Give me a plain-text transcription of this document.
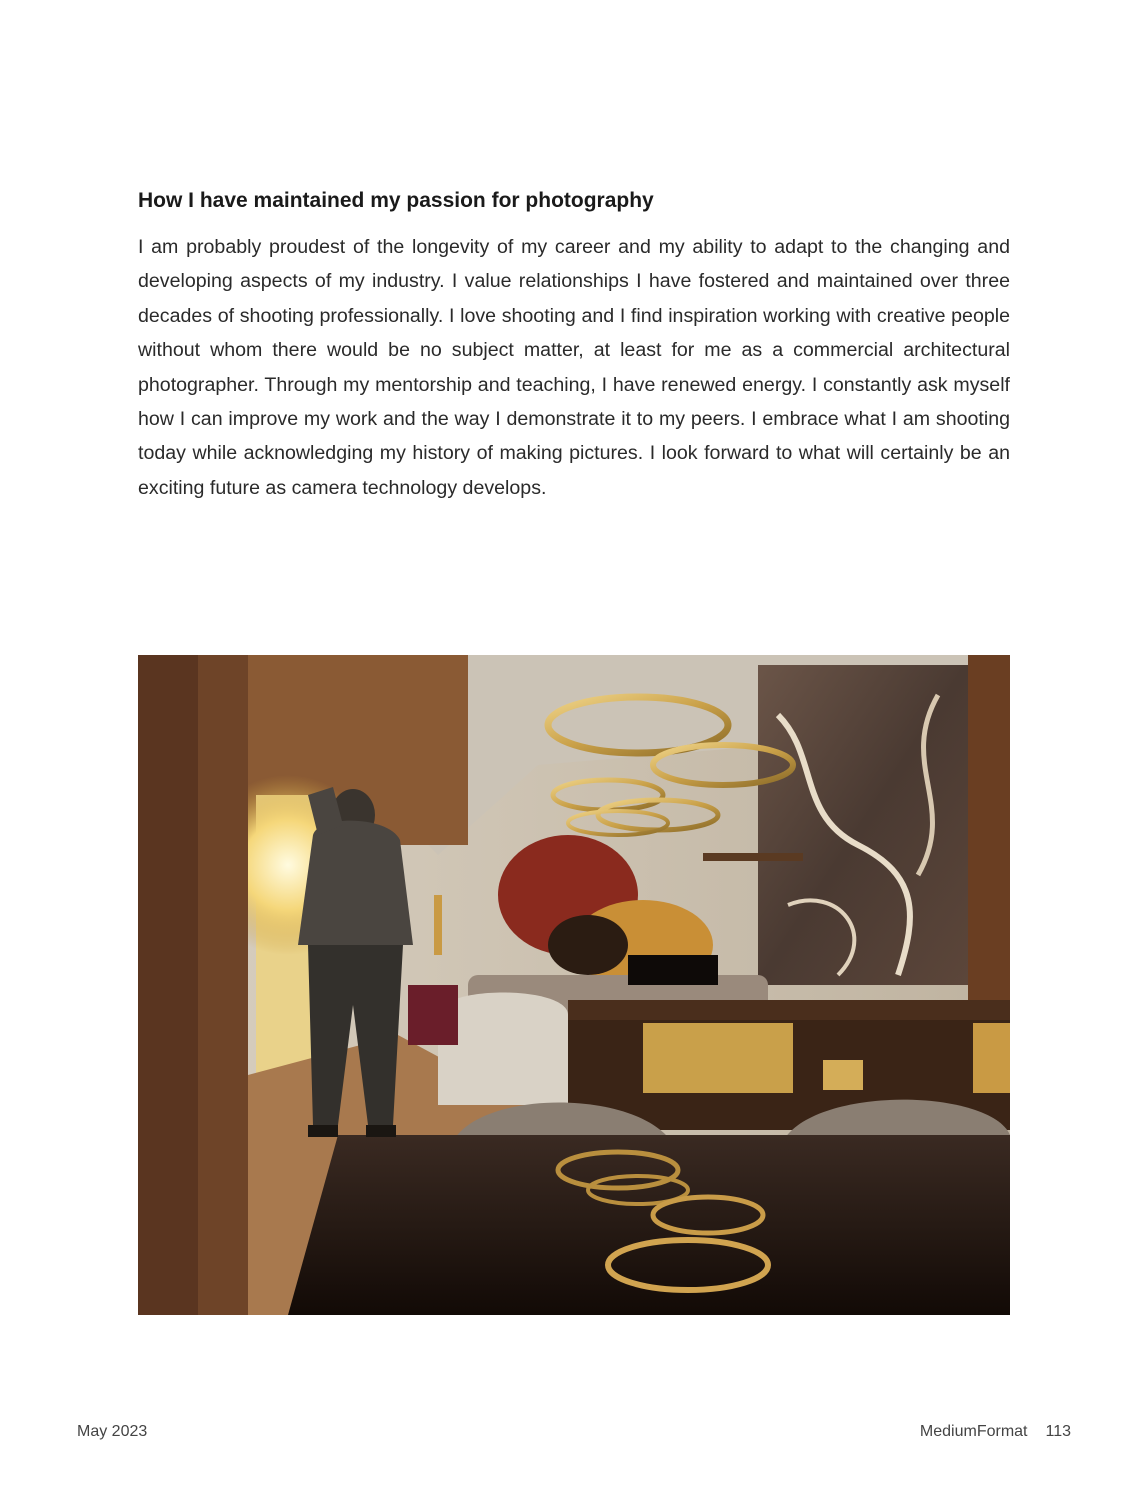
How I have maintained my passion for photography

I am probably proudest of the longevity of my career and my ability to adapt to the changing and developing aspects of my industry. I value relationships I have fostered and maintained over three decades of shooting professionally. I love shooting and I find inspiration working with creative people without whom there would be no subject matter, at least for me as a commercial architectural photographer. Through my mentorship and teaching, I have renewed energy. I constantly ask myself how I can improve my work and the way I demonstrate it to my peers. I embrace what I am shooting today while acknowledging my history of making pictures. I look forward to what will certainly be an exciting future as camera technology develops.

May 2023	MediumFormat 113
